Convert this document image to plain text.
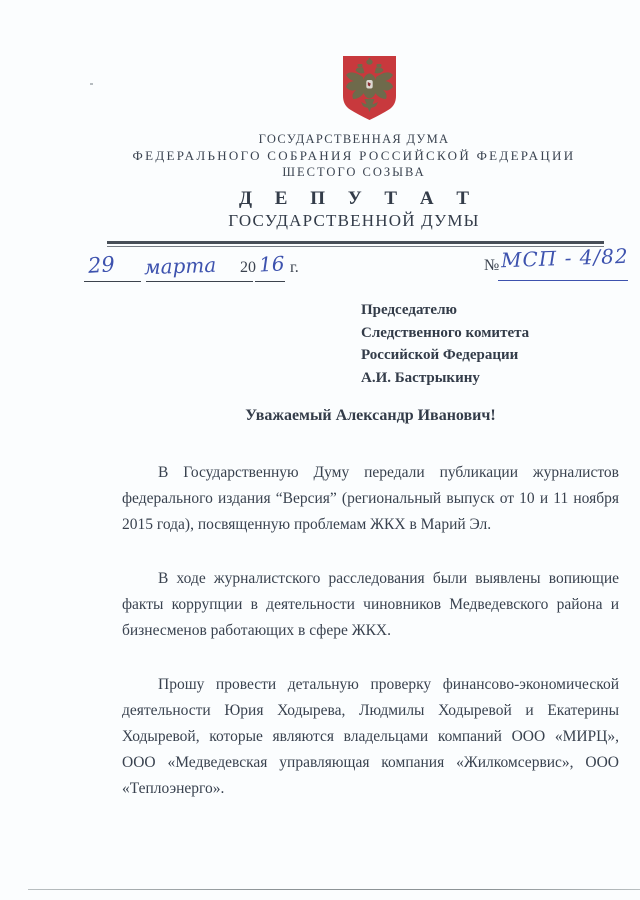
ГОСУДАРСТВЕННАЯ ДУМА
ФЕДЕРАЛЬНОГО СОБРАНИЯ РОССИЙСКОЙ ФЕДЕРАЦИИ
ШЕСТОГО СОЗЫВА
Д Е П У Т А Т
ГОСУДАРСТВЕННОЙ ДУМЫ
29 марта 20 16 г.	№ МСП - 4/82
Председателю
Следственного комитета
Российской Федерации
А.И. Бастрыкину
Уважаемый Александр Иванович!

В Государственную Думу передали публикации журналистов федерального издания “Версия” (региональный выпуск от 10 и 11 ноября 2015 года), посвященную проблемам ЖКХ в Марий Эл.

В ходе журналистского расследования были выявлены вопиющие факты коррупции в деятельности чиновников Медведевского района и бизнесменов работающих в сфере ЖКХ.

Прошу провести детальную проверку финансово-экономической деятельности Юрия Ходырева, Людмилы Ходыревой и Екатерины Ходыревой, которые являются владельцами компаний ООО «МИРЦ», ООО «Медведевская управляющая компания «Жилкомсервис», ООО «Теплоэнерго».
